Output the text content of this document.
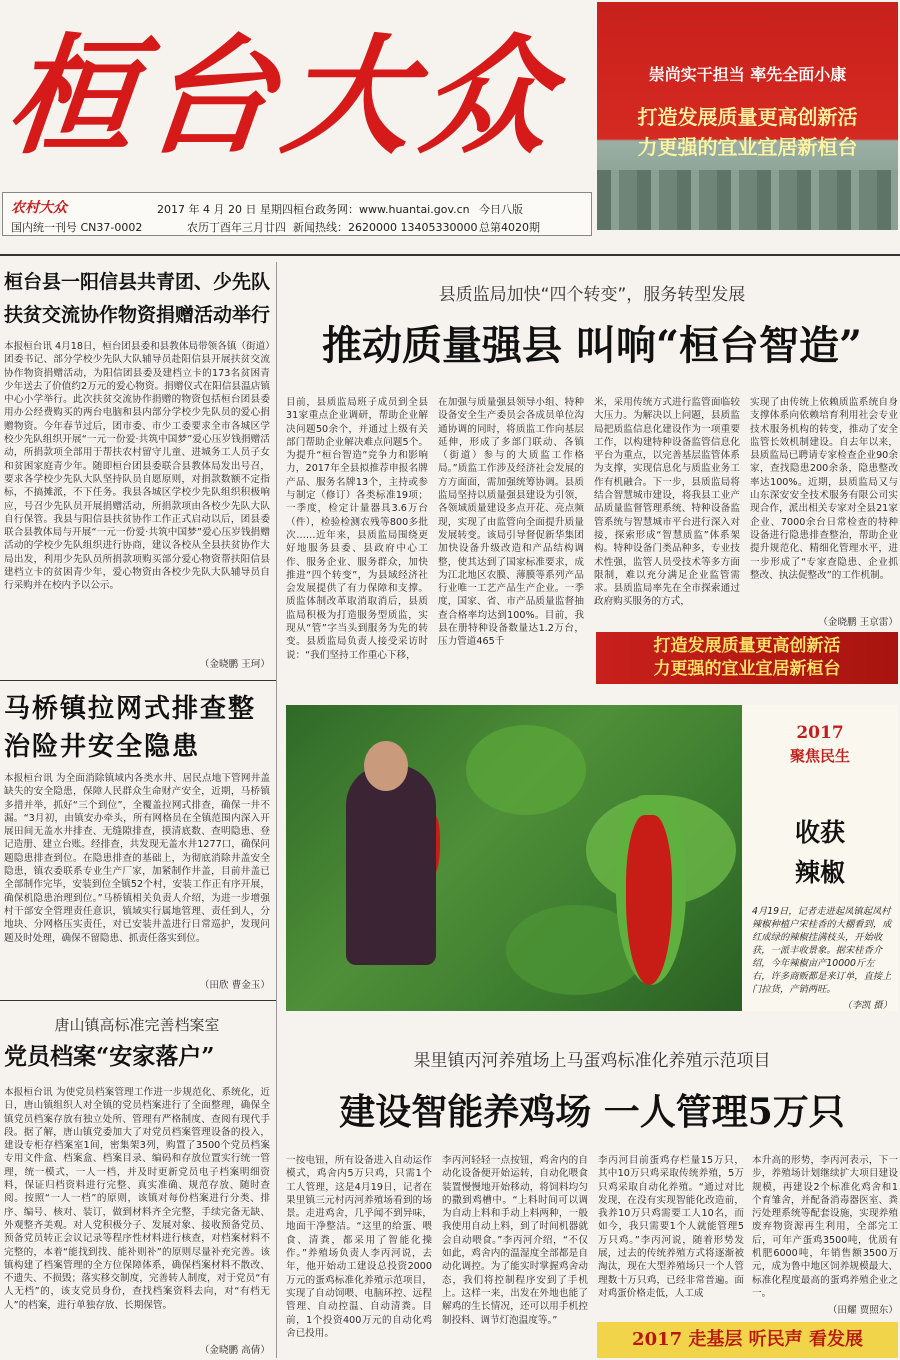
桓台大众	崇尚实干担当 率先全面小康
打造发展质量更高创新活
力更强的宜业宜居新桓台
农村大众
国内统一刊号 CN37-0002
2017 年 4 月 20 日 星期四
农历丁酉年三月廿四
桓台政务网：www.huantai.gov.cn
新闻热线：2620000 13405330000
今日八版
总第4020期
桓台县一阳信县共青团、少先队扶贫交流协作物资捐赠活动举行
本报桓台讯 4月18日，桓台团县委和县教体局带领各镇（街道）团委书记、部分学校少先队大队辅导员赴阳信县开展扶贫交流协作物资捐赠活动，为阳信团县委及建档立卡的173名贫困青少年送去了价值约2万元的爱心物资。捐赠仪式在阳信县温店镇中心小学举行。此次扶贫交流协作捐赠的物资包括桓台团县委用办公经费购买的两台电脑和县内部分学校少先队员的爱心捐赠物资。今年春节过后，团市委、市少工委要求全市各城区学校少先队组织开展“一元一份爱·共筑中国梦”爱心压岁钱捐赠活动，所捐款项全部用于帮扶农村留守儿童、进城务工人员子女和贫困家庭青少年。随即桓台团县委联合县教体局发出号召，要求各学校少先队大队坚持队员自愿原则，对捐款数额不定指标，不搞摊派，不下任务。我县各城区学校少先队组织积极响应，号召少先队员开展捐赠活动，所捐款项由各校少先队大队自行保管。我县与阳信县扶贫协作工作正式启动以后，团县委联合县教体局与开展“一元一份爱·共筑中国梦”爱心压岁钱捐赠活动的学校少先队组织进行协商，建议各校从全县扶贫协作大局出发，利用少先队员所捐款项购买部分爱心物资帮扶阳信县建档立卡的贫困青少年，爱心物资由各校少先队大队辅导员自行采购并在校内予以公示。
（金晓鹏 王珂）
马桥镇拉网式排查整治险井安全隐患
本报桓台讯 为全面消除镇域内各类水井、居民点地下管网井盖缺失的安全隐患，保障人民群众生命财产安全，近期，马桥镇多措并举，抓好“三个到位”，全覆盖拉网式排查，确保一井不漏。“3月初，由镇安办牵头，所有网格员在全镇范围内深入开展田间无盖水井排查、无缝隙排查，摸清底数、查明隐患、登记造册、建立台账。经排查，共发现无盖水井1277口，确保问题隐患排查到位。在隐患排查的基础上，为彻底消除井盖安全隐患，镇农委联系专业生产厂家，加紧制作井盖，目前井盖已全部制作完毕，安装到位全镇52个村，安装工作正有序开展，确保机隐患治理到位。”马桥镇相关负责人介绍，为进一步增强村干部安全管理责任意识，镇域实行属地管理、责任到人，分地块、分网格压实责任，对已安装井盖进行日常巡护，发现问题及时处理，确保不留隐患、抓责任落实到位。
（田欣 曹金玉）
唐山镇高标准完善档案室
党员档案“安家落户”
本报桓台讯 为使党员档案管理工作进一步规范化、系统化，近日，唐山镇组织人对全镇的党员档案进行了全面整理，确保全镇党员档案存放有独立处所、管理有严格制度、查阅有现代手段。据了解，唐山镇党委加大了对党员档案管理设备的投入，建设专柜存档案室1间，密集架3列，购置了3500个党员档案专用文件盒、档案盒、档案目录、编码和存放位置实行统一管理，统一模式，一人一档，并及时更新党员电子档案明细资料，保证归档资料进行完整、真实准确、规范存放、随时查阅。按照“一人一档”的原则，该镇对每份档案进行分类、排序、编号、核对、装订，做到材料齐全完整，手续完备无缺、外观整齐美观。对人党积极分子、发展对象、接收预备党员、预备党员转正会议记录等程序性材料进行核查，对档案材料不完整的，本着“能找到找、能补则补”的原则尽量补充完善。该镇构建了档案管理的全方位保障体系，确保档案材料不散改、不遗失、不损毁；落实移交制度，完善转人制度，对于党员“有人无档”的，该支党员身份，查找档案资料去向，对“有档无人”的档案，进行单独存放、长期保管。
（金晓鹏 高倩）
县质监局加快“四个转变”，服务转型发展
推动质量强县 叫响“桓台智造”
目前，县质监局班子成员到全县31家重点企业调研，帮助企业解决问题50余个，并通过上级有关部门帮助企业解决难点问题5个。为提升“桓台智造”竞争力和影响力，2017年全县拟推荐申报名牌产品、服务名牌13个，主持或参与制定（修订）各类标准19项；一季度，检定计量器具3.6万台（件），检验检测农残等800多批次……近年来，县质监局围绕更好地服务县委、县政府中心工作、服务企业、服务群众，加快推进“四个转变”，为县域经济社会发展提供了有力保障和支撑。质监体制改革取消取消后，县质监局积极为打造服务型质监，实现从“管”字当头到服务为先的转变。县质监局负责人接受采访时说：“我们坚持工作重心下移，
在加强与质量强县领导小组、特种设备安全生产委员会各成员单位沟通协调的同时，将质监工作向基层延伸，形成了多部门联动、各镇（街道）参与的大质监工作格局。”质监工作涉及经济社会发展的方方面面，需加强统筹协调。县质监局坚持以质量强县建设为引领，各领域质量建设多点开花、亮点频现，实现了由监管向全面提升质量发展转变。该局引导督促新华集团加快设备升级改造和产品结构调整，使其达到了国家标准要求，成为江北地区农膜、薄膜等系列产品行业唯一工艺产品生产企业。一季度，国家、省、市产品质量监督抽查合格率均达到100%。目前，我县在册特种设备数量达1.2万台，压力管道465千
米，采用传统方式进行监管面临较大压力。为解决以上问题，县质监局把质监信息化建设作为一项重要工作，以构建特种设备监管信息化平台为重点，以完善基层监管体系为支撑，实现信息化与质监业务工作有机融合。下一步，县质监局将结合智慧城市建设，将我县工业产品质量监督管理系统、特种设备监管系统与智慧城市平台进行深入对接，探索形成“智慧质监”体系架构。特种设备门类品种多，专业技术性强，监管人员受技术等多方面限制，难以充分满足企业监管需求。县质监局率先在全市探索通过政府购买服务的方式，
实现了由传统上依赖质监系统自身支撑体系向依赖培育利用社会专业技术服务机构的转变，推动了安全监管长效机制建设。自去年以来，县质监局已聘请专家检查企业90余家，查找隐患200余条，隐患整改率达100%。近期，县质监局又与山东深安安全技术服务有限公司实现合作，派出相关专家对全县21家企业、7000余台日常检查的特种设备进行隐患排查整治，帮助企业提升规范化、精细化管理水平，进一步形成了“专家查隐患、企业抓整改、执法促整改”的工作机制。
（金晓鹏 王京雷）
打造发展质量更高创新活
力更强的宜业宜居新桓台
2017
聚焦民生
收获
辣椒
4月19日，记者走进起凤镇起凤村辣椒种植户宋桂香的大棚看到，成红成绿的辣椒挂满枝头，开始收获，一派丰收景象。据宋桂香介绍，今年辣椒亩产10000斤左右，许多商贩都是来订单，直接上门拉货，产销两旺。
（李凯 摄）
果里镇丙河养殖场上马蛋鸡标准化养殖示范项目
建设智能养鸡场 一人管理5万只
一按电钮，所有设备进入自动运作模式，鸡舍内5万只鸡，只需1个工人管理，这是4月19日，记者在果里镇三元村丙河养殖场看到的场景。走进鸡舍，几乎闻不到异味，地面干净整洁。“这里的给蛋、喂食、清粪，都采用了智能化操作。”养殖场负责人李丙河说，去年，他开始动工建设总投资2000万元的蛋鸡标准化养殖示范项目，实现了自动饲喂、电脑环控、远程管理、自动控温、自动清粪。目前，1个投资400万元的自动化鸡舍已投用。
李丙河轻轻一点按钮，鸡舍内的自动化设备便开始运转，自动化喂食装置慢慢地开始移动，将饲料均匀的撒到鸡槽中。“上料时间可以调为自动上料和手动上料两种，一般我使用自动上料，到了时间机器就会自动喂食。”李丙河介绍，“不仅如此，鸡舍内的温湿度全部都是自动化调控。为了能实时掌握鸡舍动态，我们将控制程序安到了手机上。这样一来，出发在外地也能了解鸡的生长情况，还可以用手机控制投料、调节灯泡温度等。”
李丙河目前蛋鸡存栏量15万只，其中10万只鸡采取传统养殖，5万只鸡采取自动化养殖。“通过对比发现，在没有实现智能化改造前，我养10万只鸡需要工人10名，而如今，我只需要1个人就能管理5万只鸡。”李丙河说，随着形势发展，过去的传统养殖方式将逐渐被淘汰，现在大型养殖场只一个人管理数十万只鸡，已经非常普遍。面对鸡蛋价格走低，人工成
本升高的形势，李丙河表示，下一步，养殖场计划继续扩大项目建设规模，再建设2个标准化鸡舍和1个育雏舍，并配备消毒器医室、粪污处理系统等配套设施，实现养殖废弃物资源再生利用，全部完工后，可年产蛋鸡3500吨，优质有机肥6000吨，年销售额3500万元，成为鲁中地区饲养规模最大、标准化程度最高的蛋鸡养殖企业之一。
（田耀 贾照东）
2017 走基层 听民声 看发展
